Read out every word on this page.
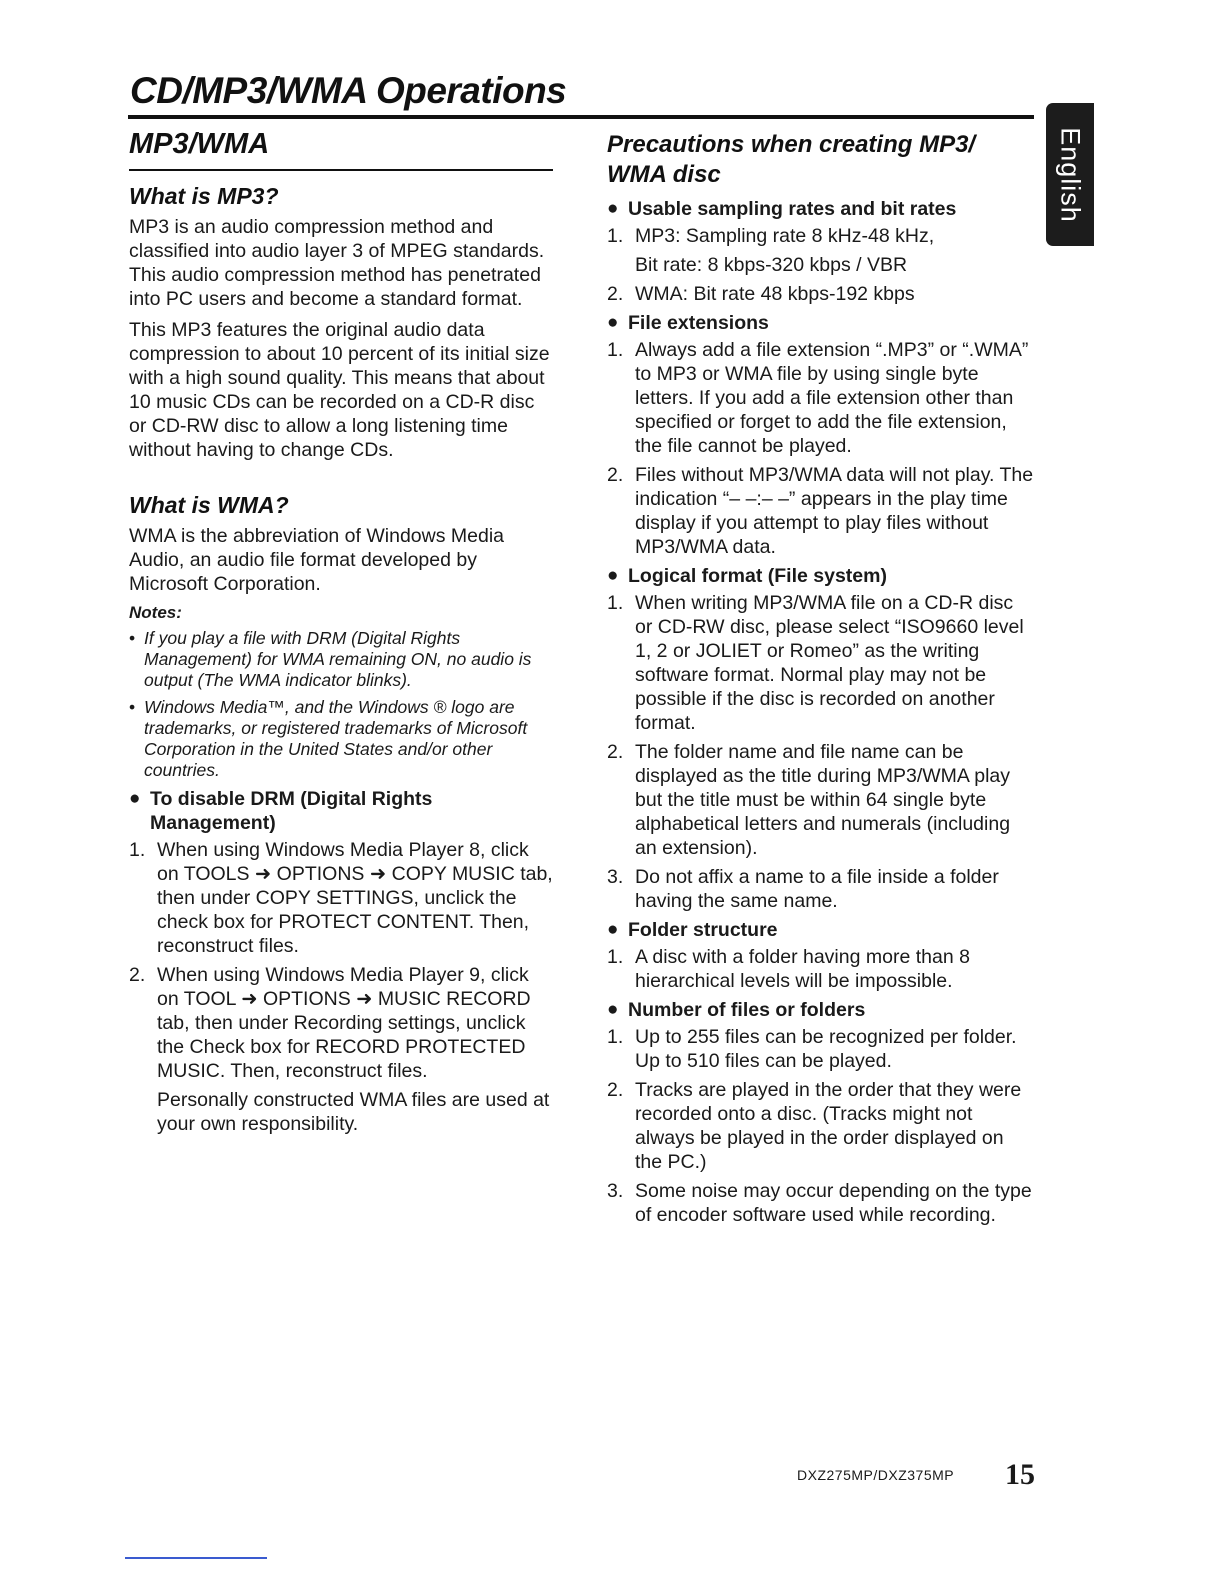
CD/MP3/WMA Operations
English
MP3/WMA
What is MP3?

MP3 is an audio compression method and classified into audio layer 3 of MPEG standards. This audio compression method has penetrated into PC users and become a standard format.

This MP3 features the original audio data compression to about 10 percent of its initial size with a high sound quality. This means that about 10 music CDs can be recorded on a CD-R disc or CD-RW disc to allow a long listening time without having to change CDs.

What is WMA?

WMA is the abbreviation of Windows Media Audio, an audio file format developed by Microsoft Corporation.

Notes:
• If you play a file with DRM (Digital Rights Management) for WMA remaining ON, no audio is output (The WMA indicator blinks).
• Windows Media™, and the Windows ® logo are trademarks, or registered trademarks of Microsoft Corporation in the United States and/or other countries.
● To disable DRM (Digital Rights Management)
1. When using Windows Media Player 8, click on TOOLS ➜ OPTIONS ➜ COPY MUSIC tab, then under COPY SETTINGS, unclick the check box for PROTECT CONTENT. Then, reconstruct files.
2. When using Windows Media Player 9, click on TOOL ➜ OPTIONS ➜ MUSIC RECORD tab, then under Recording settings, unclick the Check box for RECORD PROTECTED MUSIC. Then, reconstruct files.
Personally constructed WMA files are used at your own responsibility.
Precautions when creating MP3/ WMA disc
● Usable sampling rates and bit rates
1. MP3: Sampling rate 8 kHz-48 kHz,
Bit rate: 8 kbps-320 kbps / VBR
2. WMA: Bit rate 48 kbps-192 kbps
● File extensions
1. Always add a file extension “.MP3” or “.WMA” to MP3 or WMA file by using single byte letters. If you add a file extension other than specified or forget to add the file extension, the file cannot be played.
2. Files without MP3/WMA data will not play. The indication “– –:– –” appears in the play time display if you attempt to play files without MP3/WMA data.
● Logical format (File system)
1. When writing MP3/WMA file on a CD-R disc or CD-RW disc, please select “ISO9660 level 1, 2 or JOLIET or Romeo” as the writing software format. Normal play may not be possible if the disc is recorded on another format.
2. The folder name and file name can be displayed as the title during MP3/WMA play but the title must be within 64 single byte alphabetical letters and numerals (including an extension).
3. Do not affix a name to a file inside a folder having the same name.
● Folder structure
1. A disc with a folder having more than 8 hierarchical levels will be impossible.
● Number of files or folders
1. Up to 255 files can be recognized per folder. Up to 510 files can be played.
2. Tracks are played in the order that they were recorded onto a disc. (Tracks might not always be played in the order displayed on the PC.)
3. Some noise may occur depending on the type of encoder software used while recording.
DXZ275MP/DXZ375MP 15
